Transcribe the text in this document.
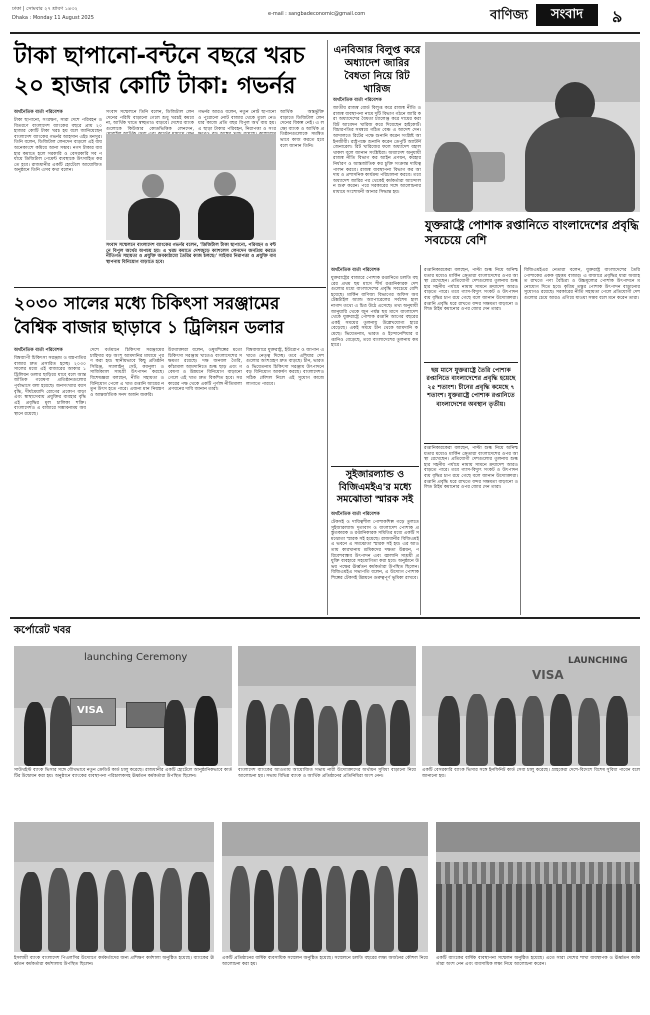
ঢাকা | সোমবার ২৭ শ্রাবণ ১৪৩২
Dhaka : Monday 11 August 2025
e-mail : sangbadeconomic@gmail.com	বাণিজ্য	সংবাদ	৯
টাকা ছাপানো-বন্টনে বছরে খরচ
২০ হাজার কোটি টাকা: গভর্নর
অর্থনৈতিক বার্তা পরিবেশক
টাকা ছাপানো, সংরক্ষণ, সারা দেশে পরিবহন ও বিতরণে বাংলাদেশ ব্যাংকের বছরে প্রায় ২০ হাজার কোটি টাকা খরচ হয় বলে জানিয়েছেন বাংলাদেশ ব্যাংকের গভর্নর আহসান এইচ মনসুর। তিনি বলেন, ডিজিটাল লেনদেন বাড়লে এই ব্যয় অনেকাংশে কমিয়ে আনা সম্ভব। নগদ টাকার ব্যবহার কমাতে হলে সরকারি ও বেসরকারি সব পর্যায়ে ডিজিটাল পেমেন্ট ব্যবস্থাকে উৎসাহিত করতে হবে। রাজধানীর একটি হোটেলে আয়োজিত অনুষ্ঠানে তিনি এসব কথা বলেন।
সংবাদ সম্মেলনে তিনি বলেন, ডিজিটাল লেনদেনের পরিধি বাড়ানো গেলে শুধু খরচই কমবে না, আর্থিক খাতে স্বচ্ছতাও বাড়বে। দেশের ব্যাংকগুলোকে কিউআর কোডভিত্তিক লেনদেন,
গভর্নর আরও বলেন, নতুন নোট ছাপানো ও পুরোনো নোট বাজার থেকে তুলে নেওয়ার কাজে প্রতি বছর বিপুল অর্থ ব্যয় হয়। এ ছাড়া টাকার পরিবহন, নিরাপত্তা ও সংর
আর্থিক অন্তর্ভুক্তি বাড়াতে ডিজিটাল লেনদেনের বিকল্প নেই। এ লক্ষ্যে ব্যাংক ও আর্থিক প্রতিষ্ঠানগুলোকে সমন্বিতভাবে কাজ করতে হবে বলে জানান তিনি।
সংবাদ সম্মেলনে বাংলাদেশ ব্যাংকের গভর্নর বলেন, 'ডিজিটাল টাকা ছাপানো, পরিবহন ও বন্টনে বিপুল অর্থের অপচয় হয়। এ খরচ কমাতে দেশজুড়ে ক্যাশলেস লেনদেন জনপ্রিয় করতে নীতিগত সহায়তা ও প্রযুক্তি অবকাঠামো তৈরির কাজ চলছে।' সাইবার নিরাপত্তা ও প্রযুক্তি ব্যবস্থাপনায় বিনিয়োগ বাড়াতে হবে।
এনবিআর বিলুপ্ত করে অধ্যাদেশ জারির বৈধতা নিয়ে রিট খারিজ
অর্থনৈতিক বার্তা পরিবেশক
জাতীয় রাজস্ব বোর্ড বিলুপ্ত করে রাজস্ব নীতি ও রাজস্ব ব্যবস্থাপনা নামে দুটি বিভাগ গঠনে জারি করা অধ্যাদেশের বৈধতা চ্যালেঞ্জ করে দায়ের করা রিট আবেদন খারিজ করে দিয়েছেন হাইকোর্ট। বিচারপতির সমন্বয়ে গঠিত বেঞ্চ এ আদেশ দেন। আদালতে রিটের পক্ষে শুনানি করেন সংশ্লিষ্ট আইনজীবী। রাষ্ট্রপক্ষে শুনানি করেন ডেপুটি অ্যাটর্নি জেনারেল। রিট খারিজের ফলে অধ্যাদেশ বহাল থাকল বলে জানান সংশ্লিষ্টরা। অধ্যাদেশ অনুযায়ী রাজস্ব নীতি বিভাগ কর আইন প্রণয়ন, করহার নির্ধারণ ও আন্তর্জাতিক কর চুক্তি সংক্রান্ত দায়িত্ব পালন করবে। রাজস্ব ব্যবস্থাপনা বিভাগ কর আদায় ও প্রশাসনিক কার্যক্রম পরিচালনা করবে। তবে অধ্যাদেশ জারির পর থেকেই কর্মকর্তারা আন্দোলন শুরু করেন। পরে সরকারের সঙ্গে আলোচনার মাধ্যমে সংশোধনী আনার সিদ্ধান্ত হয়।
যুক্তরাষ্ট্রে পোশাক রপ্তানিতে বাংলাদেশের প্রবৃদ্ধি সবচেয়ে বেশি
অর্থনৈতিক বার্তা পরিবেশক
যুক্তরাষ্ট্রের বাজারে পোশাক রপ্তানিতে চলতি বছরের প্রথম ছয় মাসে শীর্ষ রপ্তানিকারক দেশগুলোর মধ্যে বাংলাদেশের প্রবৃদ্ধি সবচেয়ে বেশি হয়েছে। মার্কিন বাণিজ্য বিভাগের অফিস অব টেক্সটাইল অ্যান্ড অ্যাপারেলের সর্বশেষ হালনাগাদ তথ্যে এ চিত্র উঠে এসেছে। তথ্য অনুযায়ী জানুয়ারি থেকে জুন পর্যন্ত ছয় মাসে বাংলাদেশ থেকে যুক্তরাষ্ট্রে পোশাক রপ্তানি আগের বছরের একই সময়ের তুলনায় উল্লেখযোগ্য হারে বেড়েছে। একই সময়ে চীন থেকে আমদানি কমেছে। ভিয়েতনাম, ভারত ও ইন্দোনেশিয়ার রপ্তানিও বেড়েছে, তবে বাংলাদেশের তুলনায় কম হারে।
রপ্তানিকারকেরা বলছেন, পাল্টা শুল্ক নিয়ে অনিশ্চয়তার মধ্যেও মার্কিন ক্রেতারা বাংলাদেশের ওপর আস্থা রেখেছেন। প্রতিযোগী দেশগুলোর তুলনায় শুল্কহার সহনীয় পর্যায়ে নামায় সামনে ক্রয়াদেশ আরও বাড়তে পারে। তবে গ্যাস-বিদ্যুৎ সংকট ও উৎপাদন ব্যয় বৃদ্ধির চাপ রয়ে গেছে বলে জানান উদ্যোক্তারা। রপ্তানি প্রবৃদ্ধি ধরে রাখতে বন্দর সক্ষমতা বাড়ানো ও লিড টাইম কমানোর ওপর জোর দেন তারা।
ছয় মাসে যুক্তরাষ্ট্রে তৈরি পোশাক রপ্তানিতে বাংলাদেশের প্রবৃদ্ধি হয়েছে ২৫ শতাংশ। চীনের প্রবৃদ্ধি কমেছে ৭ শতাংশ। যুক্তরাষ্ট্রে পোশাক রপ্তানিতে বাংলাদেশের অবস্থান তৃতীয়।
রপ্তানিকারকেরা বলছেন, পাল্টা শুল্ক নিয়ে অনিশ্চয়তার মধ্যেও মার্কিন ক্রেতারা বাংলাদেশের ওপর আস্থা রেখেছেন। প্রতিযোগী দেশগুলোর তুলনায় শুল্কহার সহনীয় পর্যায়ে নামায় সামনে ক্রয়াদেশ আরও বাড়তে পারে। তবে গ্যাস-বিদ্যুৎ সংকট ও উৎপাদন ব্যয় বৃদ্ধির চাপ রয়ে গেছে বলে জানান উদ্যোক্তারা। রপ্তানি প্রবৃদ্ধি ধরে রাখতে বন্দর সক্ষমতা বাড়ানো ও লিড টাইম কমানোর ওপর জোর দেন তারা।
বিজিএমইএর নেতারা বলেন, যুক্তরাষ্ট্র বাংলাদেশের তৈরি পোশাকের একক বৃহত্তম বাজার। এ বাজারে প্রবৃদ্ধির ধারা অব্যাহত রাখতে পণ্য বৈচিত্র্য ও উচ্চমূল্যের পোশাক উৎপাদনে মনোযোগ দিতে হবে। কৃত্রিম তন্তুর পোশাক উৎপাদন বাড়ানোর সুযোগও রয়েছে। সরকারের নীতি সহায়তা পেলে প্রতিযোগী দেশগুলোর চেয়ে আরও এগিয়ে যাওয়া সম্ভব বলে মনে করেন তারা।
২০৩০ সালের মধ্যে চিকিৎসা সরঞ্জামের
বৈশ্বিক বাজার ছাড়াবে ১ ট্রিলিয়ন ডলার
অর্থনৈতিক বার্তা পরিবেশক
বিশ্বব্যাপী চিকিৎসা সরঞ্জাম ও যন্ত্রপাতির বাজার দ্রুত প্রসারিত হচ্ছে। ২০৩০ সালের মধ্যে এই বাজারের আকার ১ ট্রিলিয়ন ডলার ছাড়িয়ে যাবে বলে আন্তর্জাতিক গবেষণা প্রতিষ্ঠানগুলোর পূর্বাভাসে বলা হয়েছে। জনসংখ্যার বয়স বৃদ্ধি, দীর্ঘমেয়াদি রোগের প্রকোপ বাড়া এবং স্বাস্থ্যসেবায় প্রযুক্তির ব্যবহার বৃদ্ধি এই প্রবৃদ্ধির মূল চালিকা শক্তি। বাংলাদেশও এ বাজারে সম্ভাবনাময় অবস্থানে রয়েছে।
দেশে বর্তমানে চিকিৎসা সরঞ্জামের চাহিদার বড় অংশ আমদানির মাধ্যমে পূরণ করা হয়। স্থানীয়ভাবে কিছু প্রতিষ্ঠান সিরিঞ্জ, স্যালাইন সেট, ক্যানুলা ও সার্জিক্যাল সামগ্রী উৎপাদন করছে। বিশেষজ্ঞরা বলছেন, নীতি সহায়তা ও বিনিয়োগ পেলে এ খাত রপ্তানি আয়ের নতুন উৎস হতে পারে। এজন্য মান নিয়ন্ত্রণ ও আন্তর্জাতিক সনদ অর্জন জরুরি।
উদ্যোক্তারা বলেন, ওষুধশিল্পের মতো চিকিৎসা সরঞ্জাম খাতেও বাংলাদেশের সক্ষমতা রয়েছে। দক্ষ জনবল তৈরি, কাঁচামাল আমদানিতে শুল্ক ছাড় এবং গবেষণা ও উন্নয়নে বিনিয়োগ বাড়ানো গেলে এই খাত দ্রুত বিকশিত হবে। সরকারের পক্ষ থেকে একটি পূর্ণাঙ্গ নীতিমালা প্রণয়নের দাবি জানান তারা।
বিশ্ববাজারে যুক্তরাষ্ট্র, ইউরোপ ও জাপান এ খাতে নেতৃত্ব দিচ্ছে। তবে এশিয়ার দেশগুলোর অংশগ্রহণ দ্রুত বাড়ছে। চীন, ভারত ও ভিয়েতনাম চিকিৎসা সরঞ্জাম উৎপাদনে বড় বিনিয়োগ আকর্ষণ করছে। বাংলাদেশও সঠিক কৌশল নিলে এই সুযোগ কাজে লাগাতে পারবে।
সুইজারল্যান্ড ও বিজিএমইএ'র মধ্যে সমঝোতা স্মারক সই
অর্থনৈতিক বার্তা পরিবেশক
টেকসই ও দায়িত্বশীল পোশাকশিল্প গড়ে তুলতে সুইজারল্যান্ড দূতাবাস ও বাংলাদেশ পোশাক প্রস্তুতকারক ও রপ্তানিকারক সমিতির মধ্যে একটি সমঝোতা স্মারক সই হয়েছে। রাজধানীর বিজিএমইএ ভবনে এ সমঝোতা স্মারক সই হয়। এর আওতায় কারখানায় শ্রমিকদের দক্ষতা উন্নয়ন, পরিবেশবান্ধব উৎপাদন এবং জ্বালানি সাশ্রয়ী প্রযুক্তি ব্যবহারে সহযোগিতা করা হবে। অনুষ্ঠানে উভয় পক্ষের ঊর্ধ্বতন কর্মকর্তারা উপস্থিত ছিলেন। বিজিএমইএ সভাপতি বলেন, এ উদ্যোগ পোশাকশিল্পের টেকসই উন্নয়নে গুরুত্বপূর্ণ ভূমিকা রাখবে।
কর্পোরেট খবর
launching Ceremony
VISA
সাউথইস্ট ব্যাংক ভিসার সঙ্গে যৌথভাবে নতুন ক্রেডিট কার্ড চালু করেছে। রাজধানীর একটি হোটেলে আনুষ্ঠানিকভাবে কার্ডটির উদ্বোধন করা হয়। অনুষ্ঠানে ব্যাংকের ব্যবস্থাপনা পরিচালকসহ ঊর্ধ্বতন কর্মকর্তারা উপস্থিত ছিলেন।
বাংলাদেশ ব্যাংকের আওতায় আয়োজিত সভায় নারী উদ্যোক্তাদের অর্থায়ন সুবিধা বাড়ানো নিয়ে আলোচনা হয়। সভায় বিভিন্ন ব্যাংক ও আর্থিক প্রতিষ্ঠানের প্রতিনিধিরা অংশ নেন।
VISA
LAUNCHING
একটি বেসরকারি ব্যাংক ভিসার সঙ্গে ইনফিনিট কার্ড সেবা চালু করেছে। গ্রাহকেরা দেশে-বিদেশে বিশেষ সুবিধা পাবেন বলে জানানো হয়।
ইসলামী ব্যাংক বাংলাদেশ পিএলসির উদ্যোগে কর্মকর্তাদের জন্য প্রশিক্ষণ কর্মশালা অনুষ্ঠিত হয়েছে। ব্যাংকের ঊর্ধ্বতন কর্মকর্তারা কর্মশালায় উপস্থিত ছিলেন।
একটি প্রতিষ্ঠানের বার্ষিক ব্যবসায়িক সম্মেলন অনুষ্ঠিত হয়েছে। সম্মেলনে চলতি বছরের লক্ষ্য অর্জনের কৌশল নিয়ে আলোচনা করা হয়।
একটি ব্যাংকের বার্ষিক ব্যবস্থাপনা সম্মেলন অনুষ্ঠিত হয়েছে। এতে সারা দেশের শাখা ব্যবস্থাপক ও ঊর্ধ্বতন কর্মকর্তারা অংশ নেন এবং ব্যবসায়িক লক্ষ্য নিয়ে আলোচনা করেন।
